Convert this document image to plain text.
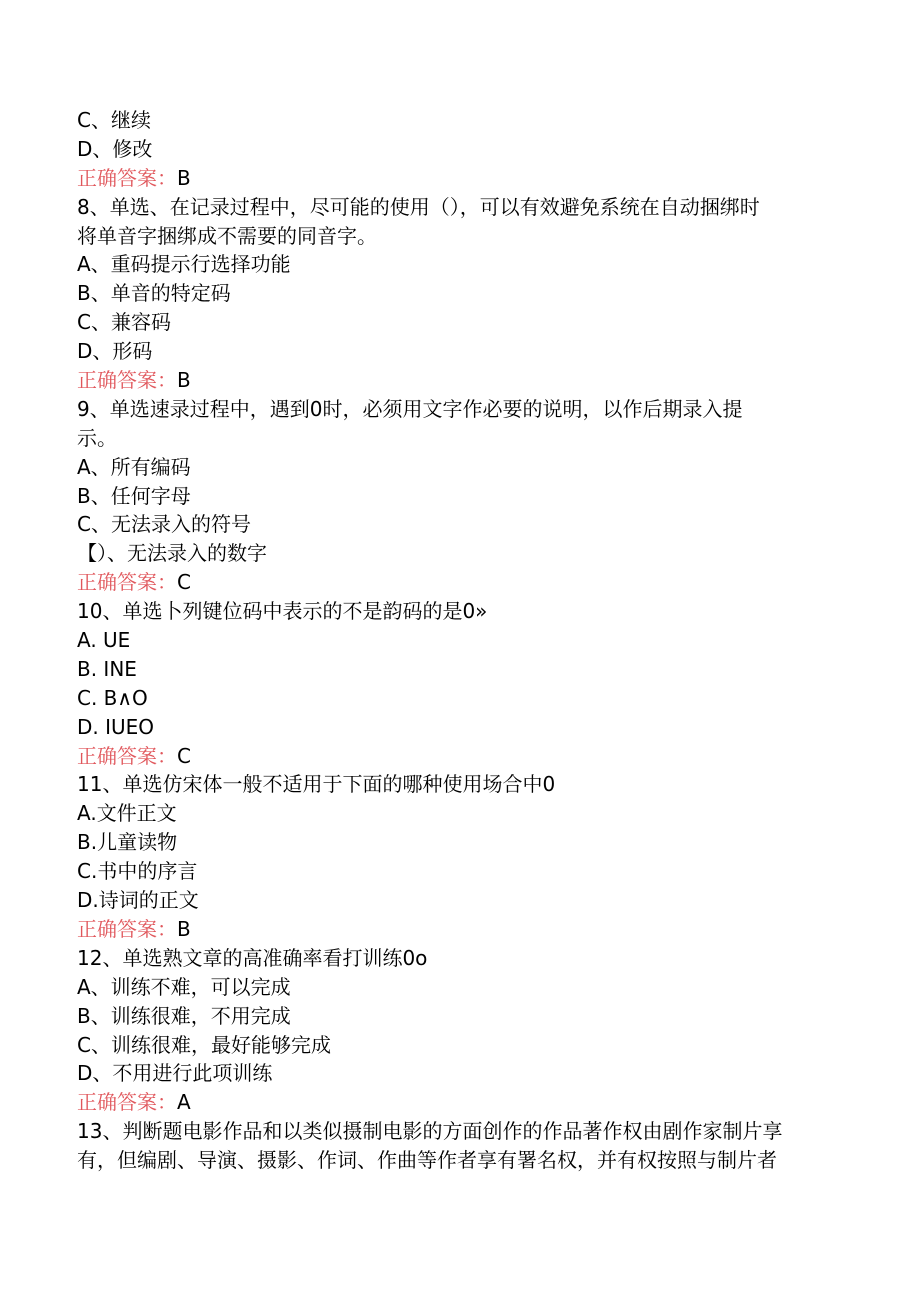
C、继续
D、修改
正确答案：B
8、单选、在记录过程中，尽可能的使用（），可以有效避免系统在自动捆绑时
将单音字捆绑成不需要的同音字。
A、重码提示行选择功能
B、单音的特定码
C、兼容码
D、形码
正确答案：B
9、单选速录过程中，遇到0时，必须用文字作必要的说明，以作后期录入提
示。
A、所有编码
B、任何字母
C、无法录入的符号
【）、无法录入的数字
正确答案：C
10、单选卜列键位码中表示的不是韵码的是0»
A. UE
B. INE
C. B∧O
D. IUEO
正确答案：C
11、单选仿宋体一般不适用于下面的哪种使用场合中0
A.文件正文
B.儿童读物
C.书中的序言
D.诗词的正文
正确答案：B
12、单选熟文章的高准确率看打训练0o
A、训练不难，可以完成
B、训练很难，不用完成
C、训练很难，最好能够完成
D、不用进行此项训练
正确答案：A
13、判断题电影作品和以类似摄制电影的方面创作的作品著作权由剧作家制片享
有，但编剧、导演、摄影、作词、作曲等作者享有署名权，并有权按照与制片者
